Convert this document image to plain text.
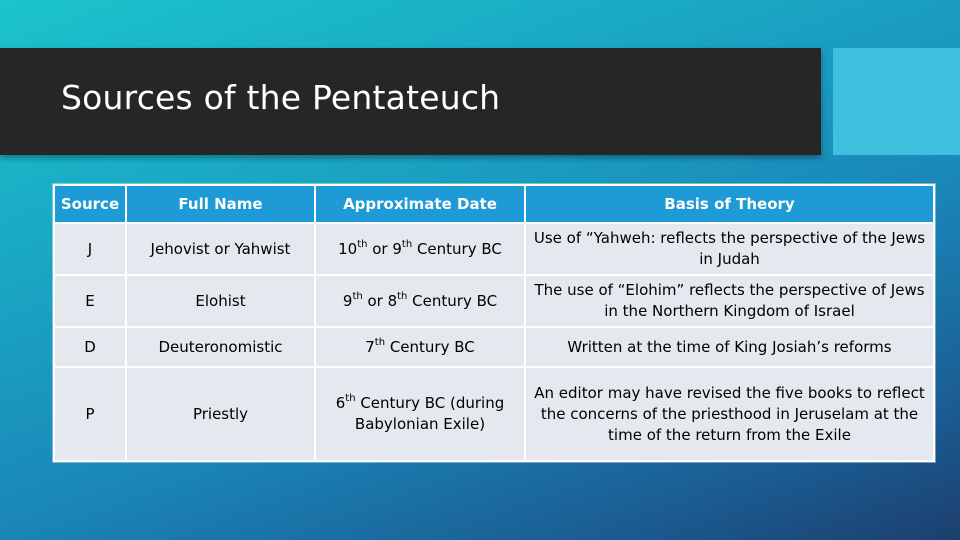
Sources of the Pentateuch
Source	Full Name	Approximate Date	Basis of Theory
J	Jehovist or Yahwist	10th or 9th Century BC	Use of “Yahweh: reflects the perspective of the Jews in Judah
E	Elohist	9th or 8th Century BC	The use of “Elohim” reflects the perspective of Jews in the Northern Kingdom of Israel
D	Deuteronomistic	7th Century BC	Written at the time of King Josiah’s reforms
P	Priestly	6th Century BC (during Babylonian Exile)	An editor may have revised the five books to reflect the concerns of the priesthood in Jeruselam at the time of the return from the Exile
